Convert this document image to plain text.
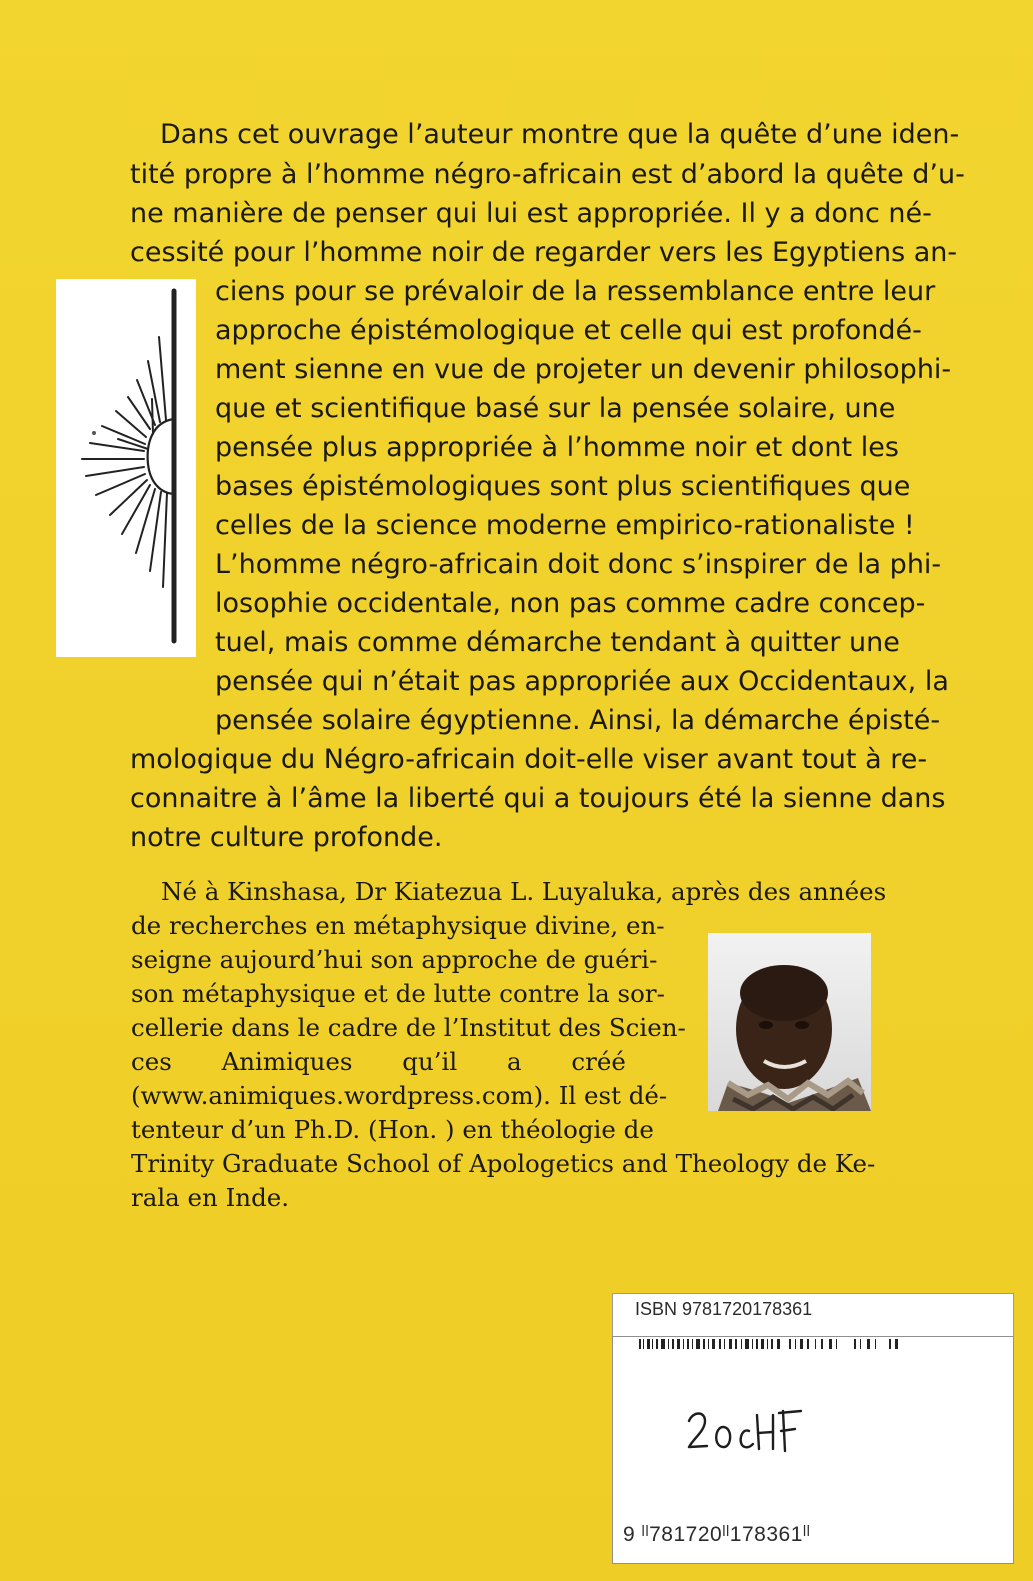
Dans cet ouvrage l’auteur montre que la quête d’une iden-

tité propre à l’homme négro-africain est d’abord la quête d’u-

ne manière de penser qui lui est appropriée. Il y a donc né-

cessité pour l’homme noir de regarder vers les Egyptiens an-

ciens pour se prévaloir de la ressemblance entre leur

approche épistémologique et celle qui est profondé-

ment sienne en vue de projeter un devenir philosophi-

que et scientifique basé sur la pensée solaire, une

pensée plus appropriée à l’homme noir et dont les

bases épistémologiques sont plus scientifiques que

celles de la science moderne empirico-rationaliste !

L’homme négro-africain doit donc s’inspirer de la phi-

losophie occidentale, non pas comme cadre concep-

tuel, mais comme démarche tendant à quitter une

pensée qui n’était pas appropriée aux Occidentaux, la

pensée solaire égyptienne. Ainsi, la démarche épisté-

mologique du Négro-africain doit-elle viser avant tout à re-

connaitre à l’âme la liberté qui a toujours été la sienne dans

notre culture profonde.

Né à Kinshasa, Dr Kiatezua L. Luyaluka, après des années

de recherches en métaphysique divine, en-

seigne aujourd’hui son approche de guéri-

son métaphysique et de lutte contre la sor-

cellerie dans le cadre de l’Institut des Scien-

ces Animiques qu’il a créé

(www.animiques.wordpress.com). Il est dé-

tenteur d’un Ph.D. (Hon. ) en théologie de

Trinity Graduate School of Apologetics and Theology de Ke-

rala en Inde.

ISBN 9781720178361
9 ˡˡ781720ˡˡ178361ˡˡ
